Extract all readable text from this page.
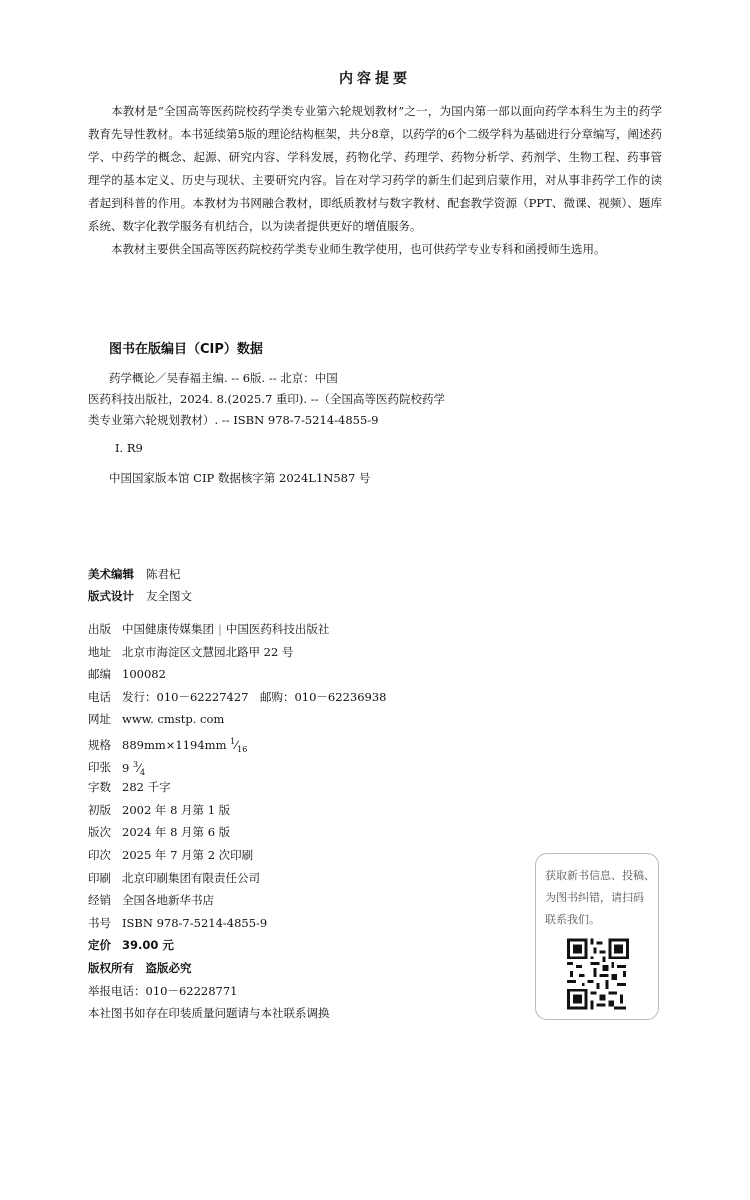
内容提要

本教材是“全国高等医药院校药学类专业第六轮规划教材”之一，为国内第一部以面向药学本科生为主的药学教育先导性教材。本书延续第5版的理论结构框架，共分8章，以药学的6个二级学科为基础进行分章编写，阐述药学、中药学的概念、起源、研究内容、学科发展，药物化学、药理学、药物分析学、药剂学、生物工程、药事管理学的基本定义、历史与现状、主要研究内容。旨在对学习药学的新生们起到启蒙作用，对从事非药学工作的读者起到科普的作用。本教材为书网融合教材，即纸质教材与数字教材、配套教学资源（PPT、微课、视频）、题库系统、数字化教学服务有机结合，以为读者提供更好的增值服务。

本教材主要供全国高等医药院校药学类专业师生教学使用，也可供药学专业专科和函授师生选用。

图书在版编目（CIP）数据
药学概论／吴春福主编. -- 6版. -- 北京：中国
医药科技出版社，2024. 8.(2025.7 重印). --（全国高等医药院校药学
类专业第六轮规划教材）. -- ISBN 978-7-5214-4855-9
Ⅰ. R9
中国国家版本馆 CIP 数据核字第 2024L1N587 号
美术编辑 陈君杞
版式设计 友全图文
出版 中国健康传媒集团 | 中国医药科技出版社
地址 北京市海淀区文慧园北路甲 22 号
邮编 100082
电话 发行：010－62227427　邮购：010－62236938
网址 www. cmstp. com
规格 889mm×1194mm $^1⁄_{16}$
印张 9 $^3⁄_4$
字数 282 千字
初版 2002 年 8 月第 1 版
版次 2024 年 8 月第 6 版
印次 2025 年 7 月第 2 次印刷
印刷 北京印刷集团有限责任公司
经销 全国各地新华书店
书号 ISBN 978-7-5214-4855-9
定价 39.00 元
版权所有　盗版必究
举报电话：010－62228771
本社图书如存在印装质量问题请与本社联系调换
获取新书信息、投稿、
为图书纠错，请扫码
联系我们。
